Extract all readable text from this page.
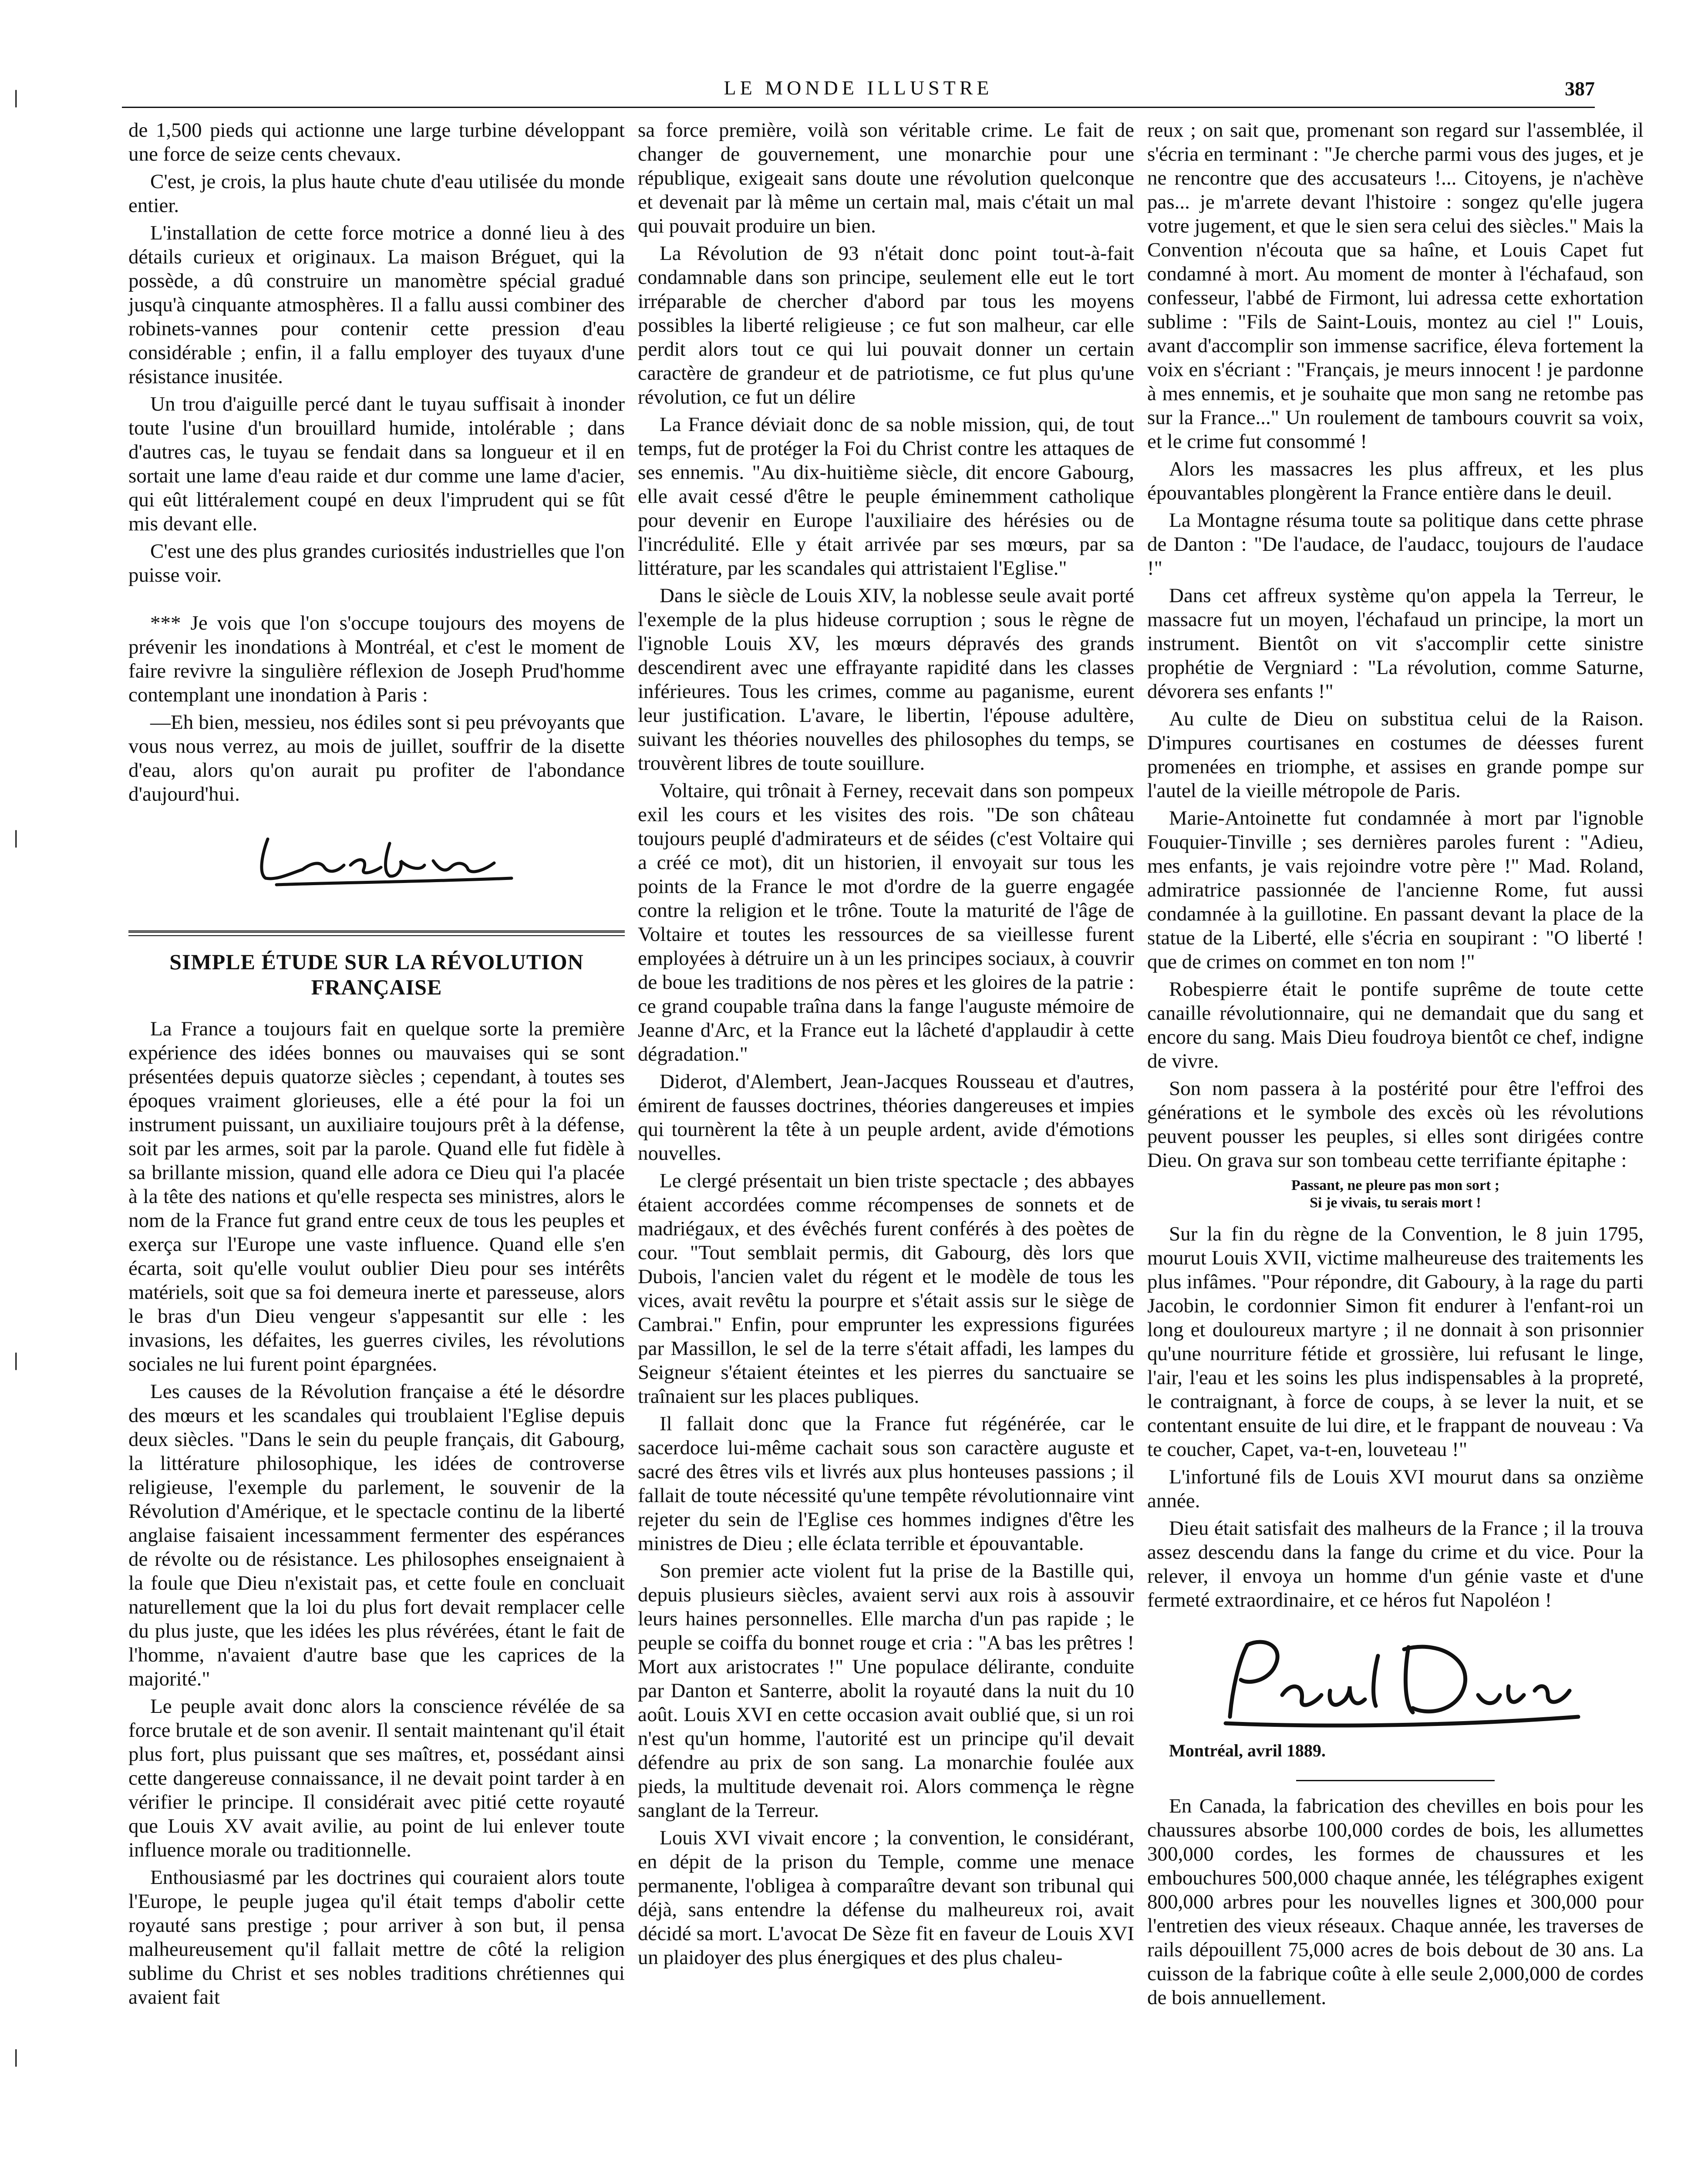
LE MONDE ILLUSTRE	387

de 1,500 pieds qui actionne une large turbine développant une force de seize cents chevaux.

C'est, je crois, la plus haute chute d'eau utilisée du monde entier.

L'installation de cette force motrice a donné lieu à des détails curieux et originaux. La maison Bréguet, qui la possède, a dû construire un manomètre spécial gradué jusqu'à cinquante atmosphères. Il a fallu aussi combiner des robinets-vannes pour contenir cette pression d'eau considérable ; enfin, il a fallu employer des tuyaux d'une résistance inusitée.

Un trou d'aiguille percé dant le tuyau suffisait à inonder toute l'usine d'un brouillard humide, intolérable ; dans d'autres cas, le tuyau se fendait dans sa longueur et il en sortait une lame d'eau raide et dur comme une lame d'acier, qui eût littéralement coupé en deux l'imprudent qui se fût mis devant elle.

C'est une des plus grandes curiosités industrielles que l'on puisse voir.

*** Je vois que l'on s'occupe toujours des moyens de prévenir les inondations à Montréal, et c'est le moment de faire revivre la singulière réflexion de Joseph Prud'homme contemplant une inondation à Paris :

—Eh bien, messieu, nos édiles sont si peu prévoyants que vous nous verrez, au mois de juillet, souffrir de la disette d'eau, alors qu'on aurait pu profiter de l'abondance d'aujourd'hui.

SIMPLE ÉTUDE SUR LA RÉVOLUTION FRANÇAISE

La France a toujours fait en quelque sorte la première expérience des idées bonnes ou mauvaises qui se sont présentées depuis quatorze siècles ; cependant, à toutes ses époques vraiment glorieuses, elle a été pour la foi un instrument puissant, un auxiliaire toujours prêt à la défense, soit par les armes, soit par la parole. Quand elle fut fidèle à sa brillante mission, quand elle adora ce Dieu qui l'a placée à la tête des nations et qu'elle respecta ses ministres, alors le nom de la France fut grand entre ceux de tous les peuples et exerça sur l'Europe une vaste influence. Quand elle s'en écarta, soit qu'elle voulut oublier Dieu pour ses intérêts matériels, soit que sa foi demeura inerte et paresseuse, alors le bras d'un Dieu vengeur s'appesantit sur elle : les invasions, les défaites, les guerres civiles, les révolutions sociales ne lui furent point épargnées.

Les causes de la Révolution française a été le désordre des mœurs et les scandales qui troublaient l'Eglise depuis deux siècles. "Dans le sein du peuple français, dit Gabourg, la littérature philosophique, les idées de controverse religieuse, l'exemple du parlement, le souvenir de la Révolution d'Amérique, et le spectacle continu de la liberté anglaise faisaient incessamment fermenter des espérances de révolte ou de résistance. Les philosophes enseignaient à la foule que Dieu n'existait pas, et cette foule en concluait naturellement que la loi du plus fort devait remplacer celle du plus juste, que les idées les plus révérées, étant le fait de l'homme, n'avaient d'autre base que les caprices de la majorité."

Le peuple avait donc alors la conscience révélée de sa force brutale et de son avenir. Il sentait maintenant qu'il était plus fort, plus puissant que ses maîtres, et, possédant ainsi cette dangereuse connaissance, il ne devait point tarder à en vérifier le principe. Il considérait avec pitié cette royauté que Louis XV avait avilie, au point de lui enlever toute influence morale ou traditionnelle.

Enthousiasmé par les doctrines qui couraient alors toute l'Europe, le peuple jugea qu'il était temps d'abolir cette royauté sans prestige ; pour arriver à son but, il pensa malheureusement qu'il fallait mettre de côté la religion sublime du Christ et ses nobles traditions chrétiennes qui avaient fait

sa force première, voilà son véritable crime. Le fait de changer de gouvernement, une monarchie pour une république, exigeait sans doute une révolution quelconque et devenait par là même un certain mal, mais c'était un mal qui pouvait produire un bien.

La Révolution de 93 n'était donc point tout-à-fait condamnable dans son principe, seulement elle eut le tort irréparable de chercher d'abord par tous les moyens possibles la liberté religieuse ; ce fut son malheur, car elle perdit alors tout ce qui lui pouvait donner un certain caractère de grandeur et de patriotisme, ce fut plus qu'une révolution, ce fut un délire

La France déviait donc de sa noble mission, qui, de tout temps, fut de protéger la Foi du Christ contre les attaques de ses ennemis. "Au dix-huitième siècle, dit encore Gabourg, elle avait cessé d'être le peuple éminemment catholique pour devenir en Europe l'auxiliaire des hérésies ou de l'incrédulité. Elle y était arrivée par ses mœurs, par sa littérature, par les scandales qui attristaient l'Eglise."

Dans le siècle de Louis XIV, la noblesse seule avait porté l'exemple de la plus hideuse corruption ; sous le règne de l'ignoble Louis XV, les mœurs dépravés des grands descendirent avec une effrayante rapidité dans les classes inférieures. Tous les crimes, comme au paganisme, eurent leur justification. L'avare, le libertin, l'épouse adultère, suivant les théories nouvelles des philosophes du temps, se trouvèrent libres de toute souillure.

Voltaire, qui trônait à Ferney, recevait dans son pompeux exil les cours et les visites des rois. "De son château toujours peuplé d'admirateurs et de séides (c'est Voltaire qui a créé ce mot), dit un historien, il envoyait sur tous les points de la France le mot d'ordre de la guerre engagée contre la religion et le trône. Toute la maturité de l'âge de Voltaire et toutes les ressources de sa vieillesse furent employées à détruire un à un les principes sociaux, à couvrir de boue les traditions de nos pères et les gloires de la patrie : ce grand coupable traîna dans la fange l'auguste mémoire de Jeanne d'Arc, et la France eut la lâcheté d'applaudir à cette dégradation."

Diderot, d'Alembert, Jean-Jacques Rousseau et d'autres, émirent de fausses doctrines, théories dangereuses et impies qui tournèrent la tête à un peuple ardent, avide d'émotions nouvelles.

Le clergé présentait un bien triste spectacle ; des abbayes étaient accordées comme récompenses de sonnets et de madriégaux, et des évêchés furent conférés à des poètes de cour. "Tout semblait permis, dit Gabourg, dès lors que Dubois, l'ancien valet du régent et le modèle de tous les vices, avait revêtu la pourpre et s'était assis sur le siège de Cambrai." Enfin, pour emprunter les expressions figurées par Massillon, le sel de la terre s'était affadi, les lampes du Seigneur s'étaient éteintes et les pierres du sanctuaire se traînaient sur les places publiques.

Il fallait donc que la France fut régénérée, car le sacerdoce lui-même cachait sous son caractère auguste et sacré des êtres vils et livrés aux plus honteuses passions ; il fallait de toute nécessité qu'une tempête révolutionnaire vint rejeter du sein de l'Eglise ces hommes indignes d'être les ministres de Dieu ; elle éclata terrible et épouvantable.

Son premier acte violent fut la prise de la Bastille qui, depuis plusieurs siècles, avaient servi aux rois à assouvir leurs haines personnelles. Elle marcha d'un pas rapide ; le peuple se coiffa du bonnet rouge et cria : "A bas les prêtres ! Mort aux aristocrates !" Une populace délirante, conduite par Danton et Santerre, abolit la royauté dans la nuit du 10 août. Louis XVI en cette occasion avait oublié que, si un roi n'est qu'un homme, l'autorité est un principe qu'il devait défendre au prix de son sang. La monarchie foulée aux pieds, la multitude devenait roi. Alors commença le règne sanglant de la Terreur.

Louis XVI vivait encore ; la convention, le considérant, en dépit de la prison du Temple, comme une menace permanente, l'obligea à comparaître devant son tribunal qui déjà, sans entendre la défense du malheureux roi, avait décidé sa mort. L'avocat De Sèze fit en faveur de Louis XVI un plaidoyer des plus énergiques et des plus chaleu-

reux ; on sait que, promenant son regard sur l'assemblée, il s'écria en terminant : "Je cherche parmi vous des juges, et je ne rencontre que des accusateurs !... Citoyens, je n'achève pas... je m'arrete devant l'histoire : songez qu'elle jugera votre jugement, et que le sien sera celui des siècles." Mais la Convention n'écouta que sa haîne, et Louis Capet fut condamné à mort. Au moment de monter à l'échafaud, son confesseur, l'abbé de Firmont, lui adressa cette exhortation sublime : "Fils de Saint-Louis, montez au ciel !" Louis, avant d'accomplir son immense sacrifice, éleva fortement la voix en s'écriant : "Français, je meurs innocent ! je pardonne à mes ennemis, et je souhaite que mon sang ne retombe pas sur la France..." Un roulement de tambours couvrit sa voix, et le crime fut consommé !

Alors les massacres les plus affreux, et les plus épouvantables plongèrent la France entière dans le deuil.

La Montagne résuma toute sa politique dans cette phrase de Danton : "De l'audace, de l'audacc, toujours de l'audace !"

Dans cet affreux système qu'on appela la Terreur, le massacre fut un moyen, l'échafaud un principe, la mort un instrument. Bientôt on vit s'accomplir cette sinistre prophétie de Vergniard : "La révolution, comme Saturne, dévorera ses enfants !"

Au culte de Dieu on substitua celui de la Raison. D'impures courtisanes en costumes de déesses furent promenées en triomphe, et assises en grande pompe sur l'autel de la vieille métropole de Paris.

Marie-Antoinette fut condamnée à mort par l'ignoble Fouquier-Tinville ; ses dernières paroles furent : "Adieu, mes enfants, je vais rejoindre votre père !" Mad. Roland, admiratrice passionnée de l'ancienne Rome, fut aussi condamnée à la guillotine. En passant devant la place de la statue de la Liberté, elle s'écria en soupirant : "O liberté ! que de crimes on commet en ton nom !"

Robespierre était le pontife suprême de toute cette canaille révolutionnaire, qui ne demandait que du sang et encore du sang. Mais Dieu foudroya bientôt ce chef, indigne de vivre.

Son nom passera à la postérité pour être l'effroi des générations et le symbole des excès où les révolutions peuvent pousser les peuples, si elles sont dirigées contre Dieu. On grava sur son tombeau cette terrifiante épitaphe :

Passant, ne pleure pas mon sort ;
Si je vivais, tu serais mort !

Sur la fin du règne de la Convention, le 8 juin 1795, mourut Louis XVII, victime malheureuse des traitements les plus infâmes. "Pour répondre, dit Gaboury, à la rage du parti Jacobin, le cordonnier Simon fit endurer à l'enfant-roi un long et douloureux martyre ; il ne donnait à son prisonnier qu'une nourriture fétide et grossière, lui refusant le linge, l'air, l'eau et les soins les plus indispensables à la propreté, le contraignant, à force de coups, à se lever la nuit, et se contentant ensuite de lui dire, et le frappant de nouveau : Va te coucher, Capet, va-t-en, louveteau !"

L'infortuné fils de Louis XVI mourut dans sa onzième année.

Dieu était satisfait des malheurs de la France ; il la trouva assez descendu dans la fange du crime et du vice. Pour la relever, il envoya un homme d'un génie vaste et d'une fermeté extraordinaire, et ce héros fut Napoléon !

Montréal, avril 1889.

En Canada, la fabrication des chevilles en bois pour les chaussures absorbe 100,000 cordes de bois, les allumettes 300,000 cordes, les formes de chaussures et les embouchures 500,000 chaque année, les télégraphes exigent 800,000 arbres pour les nouvelles lignes et 300,000 pour l'entretien des vieux réseaux. Chaque année, les traverses de rails dépouillent 75,000 acres de bois debout de 30 ans. La cuisson de la fabrique coûte à elle seule 2,000,000 de cordes de bois annuellement.

❘
❘
❘
❘
